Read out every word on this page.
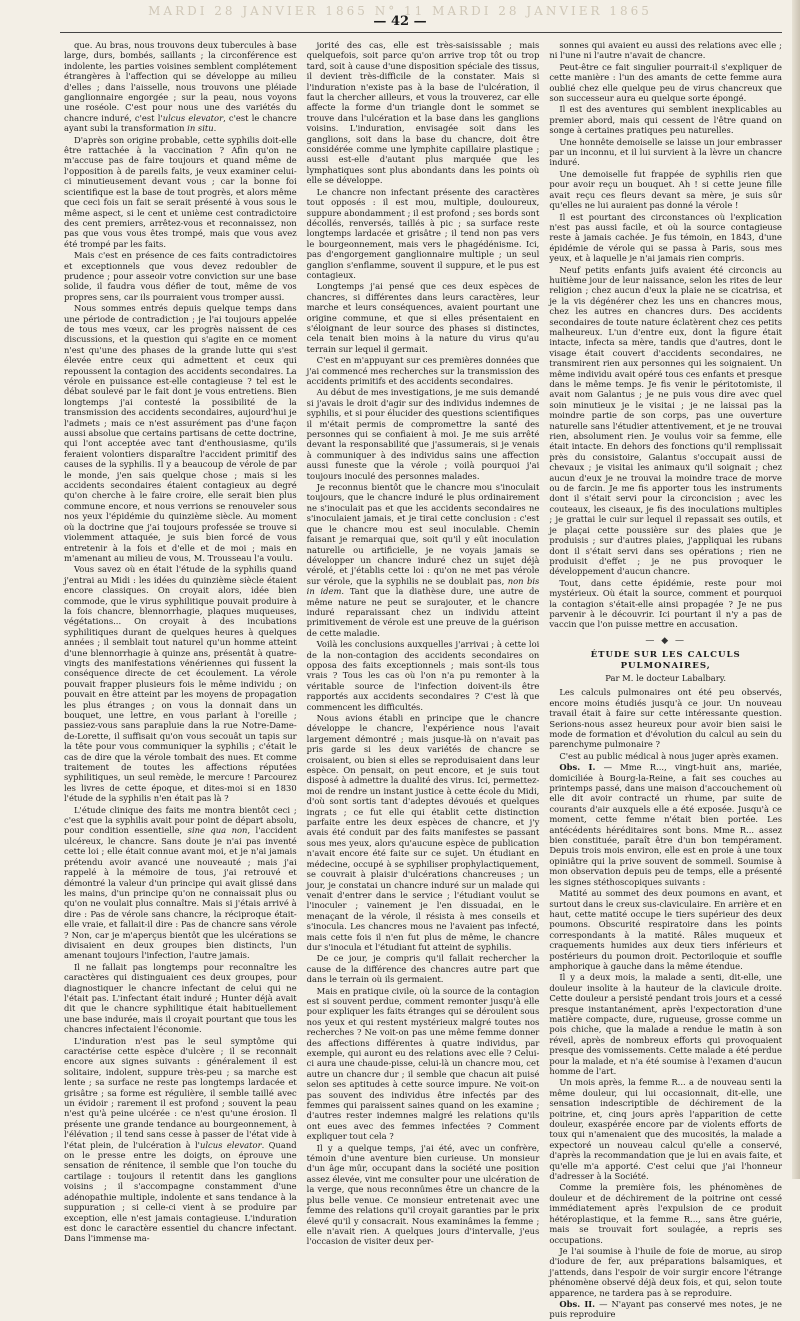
MARDI 28 JANVIER 1865 N° 11 MARDI 28 JANVIER 1865
— 42 —

que. Au bras, nous trouvons deux tubercules à base large, durs, bombés, saillants ; la circonférence est indolente, les parties voisines semblent complétement étrangères à l'affection qui se développe au milieu d'elles ; dans l'aisselle, nous trouvons une pléiade ganglionnaire engorgée ; sur la peau, nous voyons une roséole. C'est pour nous une des variétés du chancre induré, c'est l'ulcus elevator, c'est le chancre ayant subi la transformation in situ.

D'après son origine probable, cette syphilis doit-elle être rattachée à la vaccination ? Afin qu'on ne m'accuse pas de faire toujours et quand même de l'opposition à de pareils faits, je veux examiner celui-ci minutieusement devant vous ; car la bonne foi scientifique est la base de tout progrès, et alors même que ceci fois un fait se serait présenté à vous sous le même aspect, si le cent et unième cest contradictoire des cent premiers, arrêtez-vous et reconnaissez, non pas que vous vous êtes trompé, mais que vous avez été trompé par les faits.

Mais c'est en présence de ces faits contradictoires et exceptionnels que vous devez redoubler de prudence ; pour asseoir votre conviction sur une base solide, il faudra vous défier de tout, même de vos propres sens, car ils pourraient vous tromper aussi.

Nous sommes entrés depuis quelque temps dans une période de contradiction ; je l'ai toujours appelée de tous mes vœux, car les progrès naissent de ces discussions, et la question qui s'agite en ce moment n'est qu'une des phases de la grande lutte qui s'est élevée entre ceux qui admettent et ceux qui repoussent la contagion des accidents secondaires. La vérole en puissance est-elle contagieuse ? tel est le débat soulevé par le fait dont je vous entretiens. Bien longtemps j'ai contesté la possibilité de la transmission des accidents secondaires, aujourd'hui je l'admets ; mais ce n'est assurément pas d'une façon aussi absolue que certains partisans de cette doctrine, qui l'ont acceptée avec tant d'enthousiasme, qu'ils feraient volontiers disparaître l'accident primitif des causes de la syphilis. Il y a beaucoup de vérole de par le monde, j'en sais quelque chose ; mais si les accidents secondaires étaient contagieux au degré qu'on cherche à le faire croire, elle serait bien plus commune encore, et nous verrions se renouveler sous nos yeux l'épidémie du quinzième siècle. Au moment où la doctrine que j'ai toujours professée se trouve si violemment attaquée, je suis bien forcé de vous entretenir à la fois et d'elle et de moi ; mais en m'amenant au milieu de vous, M. Trousseau l'a voulu.

Vous savez où en était l'étude de la syphilis quand j'entrai au Midi : les idées du quinzième siècle étaient encore classiques. On croyait alors, idée bien commode, que le virus syphilitique pouvait produire à la fois chancre, blennorrhagie, plaques muqueuses, végétations... On croyait à des incubations syphilitiques durant de quelques heures à quelques années ; il semblait tout naturel qu'un homme atteint d'une blennorrhagie à quinze ans, présentât à quatre-vingts des manifestations vénériennes qui fussent la conséquence directe de cet écoulement. La vérole pouvait frapper plusieurs fois le même individu ; on pouvait en être atteint par les moyens de propagation les plus étranges ; on vous la donnait dans un bouquet, une lettre, en vous parlant à l'oreille ; passiez-vous sans parapluie dans la rue Notre-Dame-de-Lorette, il suffisait qu'on vous secouât un tapis sur la tête pour vous communiquer la syphilis ; c'était le cas de dire que la vérole tombait des nues. Et comme traitement de toutes les affections réputées syphilitiques, un seul remède, le mercure ! Parcourez les livres de cette époque, et dites-moi si en 1830 l'étude de la syphilis n'en était pas là ?

L'étude clinique des faits me montra bientôt ceci ; c'est que la syphilis avait pour point de départ absolu, pour condition essentielle, sine qua non, l'accident ulcéreux, le chancre. Sans doute je n'ai pas inventé cette loi ; elle était connue avant moi, et je n'ai jamais prétendu avoir avancé une nouveauté ; mais j'ai rappelé à la mémoire de tous, j'ai retrouvé et démontré la valeur d'un principe qui avait glissé dans les mains, d'un principe qu'on ne connaissait plus ou qu'on ne voulait plus connaître. Mais si j'étais arrivé à dire : Pas de vérole sans chancre, la réciproque était-elle vraie, et fallait-il dire : Pas de chancre sans vérole ? Non, car je m'aperçus bientôt que les ulcérations se divisaient en deux groupes bien distincts, l'un amenant toujours l'infection, l'autre jamais.

Il ne fallait pas longtemps pour reconnaître les caractères qui distinguaient ces deux groupes, pour diagnostiquer le chancre infectant de celui qui ne l'était pas. L'infectant était induré ; Hunter déjà avait dit que le chancre syphilitique était habituellement une base indurée, mais il croyait pourtant que tous les chancres infectaient l'économie.

L'induration n'est pas le seul symptôme qui caractérise cette espèce d'ulcère ; il se reconnait encore aux signes suivants : généralement il est solitaire, indolent, suppure très-peu ; sa marche est lente ; sa surface ne reste pas longtemps lardacée et grisâtre ; sa forme est régulière, il semble taillé avec un évidoir ; rarement il est profond ; souvent la peau n'est qu'à peine ulcérée : ce n'est qu'une érosion. Il présente une grande tendance au bourgeonnement, à l'élévation ; il tend sans cesse à passer de l'état vide à l'état plein, de l'ulcération à l'ulcus elevator. Quand on le presse entre les doigts, on éprouve une sensation de rénitence, il semble que l'on touche du cartilage : toujours il retentit dans les ganglions voisins ; il s'accompagne constamment d'une adénopathie multiple, indolente et sans tendance à la suppuration ; si celle-ci vient à se produire par exception, elle n'est jamais contagieuse. L'induration est donc le caractère essentiel du chancre infectant. Dans l'immense ma-

jorité des cas, elle est très-saisissable ; mais quelquefois, soit parce qu'on arrive trop tôt ou trop tard, soit à cause d'une disposition spéciale des tissus, il devient très-difficile de la constater. Mais si l'induration n'existe pas à la base de l'ulcération, il faut la chercher ailleurs, et vous la trouverez, car elle affecte la forme d'un triangle dont le sommet se trouve dans l'ulcération et la base dans les ganglions voisins. L'induration, envisagée soit dans les ganglions, soit dans la base du chancre, doit être considérée comme une lymphite capillaire plastique ; aussi est-elle d'autant plus marquée que les lymphatiques sont plus abondants dans les points où elle se développe.

Le chancre non infectant présente des caractères tout opposés : il est mou, multiple, douloureux, suppure abondamment ; il est profond ; ses bords sont décollés, renversés, taillés à pic ; sa surface reste longtemps lardacée et grisâtre ; il tend non pas vers le bourgeonnement, mais vers le phagédénisme. Ici, pas d'engorgement ganglionnaire multiple ; un seul ganglion s'enflamme, souvent il suppure, et le pus est contagieux.

Longtemps j'ai pensé que ces deux espèces de chancres, si différentes dans leurs caractères, leur marche et leurs conséquences, avaient pourtant une origine commune, et que si elles présentaient en s'éloignant de leur source des phases si distinctes, cela tenait bien moins à la nature du virus qu'au terrain sur lequel il germait.

C'est en m'appuyant sur ces premières données que j'ai commencé mes recherches sur la transmission des accidents primitifs et des accidents secondaires.

Au début de mes investigations, je me suis demandé si j'avais le droit d'agir sur des individus indemnes de syphilis, et si pour élucider des questions scientifiques il m'était permis de compromettre la santé des personnes qui se confiaient à moi. Je me suis arrêté devant la responsabilité que j'assumerais, si je venais à communiquer à des individus sains une affection aussi funeste que la vérole ; voilà pourquoi j'ai toujours inoculé des personnes malades.

Je reconnus bientôt que le chancre mou s'inoculait toujours, que le chancre induré le plus ordinairement ne s'inoculait pas et que les accidents secondaires ne s'inoculaient jamais, et je tirai cette conclusion : c'est que le chancre mou est seul inoculable. Chemin faisant je remarquai que, soit qu'il y eût inoculation naturelle ou artificielle, je ne voyais jamais se développer un chancre induré chez un sujet déjà vérolé, et j'établis cette loi : qu'on ne met pas vérole sur vérole, que la syphilis ne se doublait pas, non bis in idem. Tant que la diathèse dure, une autre de même nature ne peut se surajouter, et le chancre induré reparaissant chez un individu atteint primitivement de vérole est une preuve de la guérison de cette maladie.

Voilà les conclusions auxquelles j'arrivai ; à cette loi de la non-contagion des accidents secondaires on opposa des faits exceptionnels ; mais sont-ils tous vrais ? Tous les cas où l'on n'a pu remonter à la véritable source de l'infection doivent-ils être rapportés aux accidents secondaires ? C'est là que commencent les difficultés.

Nous avions établi en principe que le chancre développe le chancre, l'expérience nous l'avait largement démontré ; mais jusque-là on n'avait pas pris garde si les deux variétés de chancre se croisaient, ou bien si elles se reproduisaient dans leur espèce. On pensait, on peut encore, et je suis tout disposé à admettre la dualité des virus. Ici, permettez-moi de rendre un instant justice à cette école du Midi, d'où sont sortis tant d'adeptes dévoués et quelques ingrats ; ce fut elle qui établit cette distinction parfaite entre les deux espèces de chancre, et j'y avais été conduit par des faits manifestes se passant sous mes yeux, alors qu'aucune espèce de publication n'avait encore été faite sur ce sujet. Un étudiant en médecine, occupé à se syphiliser prophylactiquement, se couvrait à plaisir d'ulcérations chancreuses ; un jour, je constatai un chancre induré sur un malade qui venait d'entrer dans le service ; l'étudiant voulut se l'inoculer ; vainement je l'en dissuadai, en le menaçant de la vérole, il résista à mes conseils et s'inocula. Les chancres mous ne l'avaient pas infecté, mais cette fois il n'en fut plus de même, le chancre dur s'inocula et l'étudiant fut atteint de syphilis.

De ce jour, je compris qu'il fallait rechercher la cause de la différence des chancres autre part que dans le terrain où ils germaient.

Mais en pratique civile, où la source de la contagion est si souvent perdue, comment remonter jusqu'à elle pour expliquer les faits étranges qui se déroulent sous nos yeux et qui restent mystérieux malgré toutes nos recherches ? Ne voit-on pas une même femme donner des affections différentes à quatre individus, par exemple, qui auront eu des relations avec elle ? Celui-ci aura une chaude-pisse, celui-là un chancre mou, cet autre un chancre dur ; il semble que chacun ait puisé selon ses aptitudes à cette source impure. Ne voit-on pas souvent des individus être infectés par des femmes qui paraissent saines quand on les examine ; d'autres rester indemnes malgré les relations qu'ils ont eues avec des femmes infectées ? Comment expliquer tout cela ?

Il y a quelque temps, j'ai été, avec un confrère, témoin d'une aventure bien curieuse. Un monsieur d'un âge mûr, occupant dans la société une position assez élevée, vint me consulter pour une ulcération de la verge, que nous reconnûmes être un chancre de la plus belle venue. Ce monsieur entretenait avec une femme des relations qu'il croyait garanties par le prix élevé qu'il y consacrait. Nous examinâmes la femme ; elle n'avait rien. A quelques jours d'intervalle, j'eus l'occasion de visiter deux per-

sonnes qui avaient eu aussi des relations avec elle ; ni l'une ni l'autre n'avait de chancre.

Peut-être ce fait singulier pourrait-il s'expliquer de cette manière : l'un des amants de cette femme aura oublié chez elle quelque peu de virus chancreux que son successeur aura eu quelque sorte épongé.

Il est des aventures qui semblent inexplicables au premier abord, mais qui cessent de l'être quand on songe à certaines pratiques peu naturelles.

Une honnête demoiselle se laisse un jour embrasser par un inconnu, et il lui survient à la lèvre un chancre induré.

Une demoiselle fut frappée de syphilis rien que pour avoir reçu un bouquet. Ah ! si cette jeune fille avait reçu ces fleurs devant sa mère, je suis sûr qu'elles ne lui auraient pas donné la vérole !

Il est pourtant des circonstances où l'explication n'est pas aussi facile, et où la source contagieuse reste à jamais cachée. Je fus témoin, en 1843, d'une épidémie de vérole qui se passa à Paris, sous mes yeux, et à laquelle je n'ai jamais rien compris.

Neuf petits enfants juifs avaient été circoncis au huitième jour de leur naissance, selon les rites de leur religion ; chez aucun d'eux la plaie ne se cicatrisa, et je la vis dégénérer chez les uns en chancres mous, chez les autres en chancres durs. Des accidents secondaires de toute nature éclatèrent chez ces petits malheureux. L'un d'entre eux, dont la figure était intacte, infecta sa mère, tandis que d'autres, dont le visage était couvert d'accidents secondaires, ne transmirent rien aux personnes qui les soignaient. Un même individu avait opéré tous ces enfants et presque dans le même temps. Je fis venir le péritotomiste, il avait nom Galantus ; je ne puis vous dire avec quel soin minutieux je le visitai ; je ne laissai pas la moindre partie de son corps, pas une ouverture naturelle sans l'étudier attentivement, et je ne trouvai rien, absolument rien. Je voulus voir sa femme, elle était intacte. En dehors des fonctions qu'il remplissait près du consistoire, Galantus s'occupait aussi de chevaux ; je visitai les animaux qu'il soignait ; chez aucun d'eux je ne trouvai la moindre trace de morve ou de farcin. Je me fis apporter tous les instruments dont il s'était servi pour la circoncision ; avec les couteaux, les ciseaux, je fis des inoculations multiples ; je grattai le cuir sur lequel il repassait ses outils, et je plaçai cette poussière sur des plaies que je produisis ; sur d'autres plaies, j'appliquai les rubans dont il s'était servi dans ses opérations ; rien ne produisit d'effet ; je ne pus provoquer le développement d'aucun chancre.

Tout, dans cette épidémie, reste pour moi mystérieux. Où était la source, comment et pourquoi la contagion s'était-elle ainsi propagée ? Je ne pus parvenir à le découvrir. Ici pourtant il n'y a pas de vaccin que l'on puisse mettre en accusation.

— ◆ —
ÉTUDE SUR LES CALCULS PULMONAIRES,
Par M. le docteur Labalbary.

Les calculs pulmonaires ont été peu observés, encore moins étudiés jusqu'à ce jour. Un nouveau travail était à faire sur cette intéressante question. Serions-nous assez heureux pour avoir bien saisi le mode de formation et d'évolution du calcul au sein du parenchyme pulmonaire ?

C'est au public médical à nous juger après examen.

Obs. I. — Mme R..., vingt-huit ans, mariée, domiciliée à Bourg-la-Reine, a fait ses couches au printemps passé, dans une maison d'accouchement où elle dit avoir contracté un rhume, par suite de courants d'air auxquels elle a été exposée. Jusqu'à ce moment, cette femme n'était bien portée. Les antécédents héréditaires sont bons. Mme R... assez bien constituée, paraît être d'un bon tempérament. Depuis trois mois environ, elle est en proie à une toux opiniâtre qui la prive souvent de sommeil. Soumise à mon observation depuis peu de temps, elle a présenté les signes stéthoscopiques suivants :

Matité au sommet des deux poumons en avant, et surtout dans le creux sus-claviculaire. En arrière et en haut, cette matité occupe le tiers supérieur des deux poumons. Obscurité respiratoire dans les points correspondants à la matité. Râles muqueux et craquements humides aux deux tiers inférieurs et postérieurs du poumon droit. Pectoriloquie et souffle amphorique à gauche dans la même étendue.

Il y a deux mois, la malade a senti, dit-elle, une douleur insolite à la hauteur de la clavicule droite. Cette douleur a persisté pendant trois jours et a cessé presque instantanément, après l'expectoration d'une matière compacte, dure, rugueuse, grosse comme un pois chiche, que la malade a rendue le matin à son réveil, après de nombreux efforts qui provoquaient presque des vomissements. Cette malade a été perdue pour la malade, et n'a été soumise à l'examen d'aucun homme de l'art.

Un mois après, la femme R... a de nouveau senti la même douleur, qui lui occasionnait, dit-elle, une sensation indescriptible de déchirement de la poitrine, et, cinq jours après l'apparition de cette douleur, exaspérée encore par de violents efforts de toux qui n'amenaient que des mucosités, la malade a expectoré un nouveau calcul qu'elle a conservé, d'après la recommandation que je lui en avais faite, et qu'elle m'a apporté. C'est celui que j'ai l'honneur d'adresser à la Société.

Comme la première fois, les phénomènes de douleur et de déchirement de la poitrine ont cessé immédiatement après l'expulsion de ce produit hétéroplastique, et la femme R..., sans être guérie, mais se trouvait fort soulagée, a repris ses occupations.

Je l'ai soumise à l'huile de foie de morue, au sirop d'iodure de fer, aux préparations balsamiques, et j'attends, dans l'espoir de voir surgir encore l'étrange phénomène observé déjà deux fois, et qui, selon toute apparence, ne tardera pas à se reproduire.

Obs. II. — N'ayant pas conservé mes notes, je ne puis reproduire
